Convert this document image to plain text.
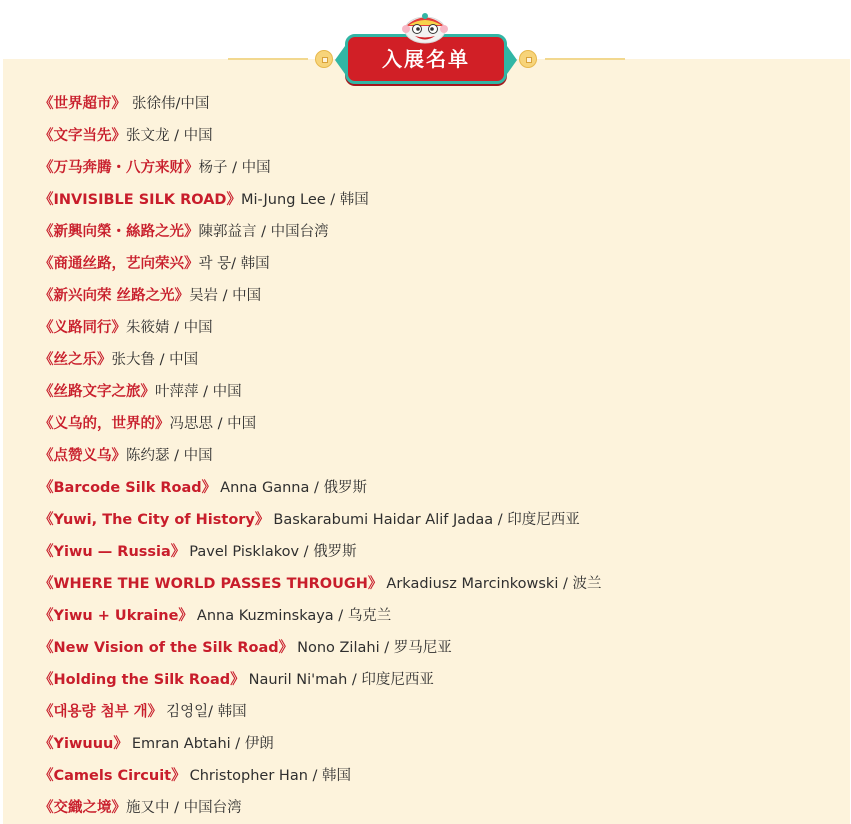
入展名单
《世界超市》 张徐伟/中国
《文字当先》张文龙 / 中国
《万马奔腾・八方来财》杨子 / 中国
《INVISIBLE SILK ROAD》Mi-Jung Lee / 韩国
《新興向榮・絲路之光》陳郭益言 / 中国台湾
《商通丝路，艺向荣兴》곽 뭉/ 韩国
《新兴向荣 丝路之光》吴岩 / 中国
《义路同行》朱筱婧 / 中国
《丝之乐》张大鲁 / 中国
《丝路文字之旅》叶萍萍 / 中国
《义乌的，世界的》冯思思 / 中国
《点赞义乌》陈约瑟 / 中国
《Barcode Silk Road》 Anna Ganna / 俄罗斯
《Yuwi, The City of History》 Baskarabumi Haidar Alif Jadaa / 印度尼西亚
《Yiwu — Russia》 Pavel Pisklakov / 俄罗斯
《WHERE THE WORLD PASSES THROUGH》 Arkadiusz Marcinkowski / 波兰
《Yiwu + Ukraine》 Anna Kuzminskaya / 乌克兰
《New Vision of the Silk Road》 Nono Zilahi / 罗马尼亚
《Holding the Silk Road》 Nauril Ni'mah / 印度尼西亚
《대용량 첨부 개》 김영일/ 韩国
《Yiwuuu》 Emran Abtahi / 伊朗
《Camels Circuit》 Christopher Han / 韩国
《交織之境》施又中 / 中国台湾
